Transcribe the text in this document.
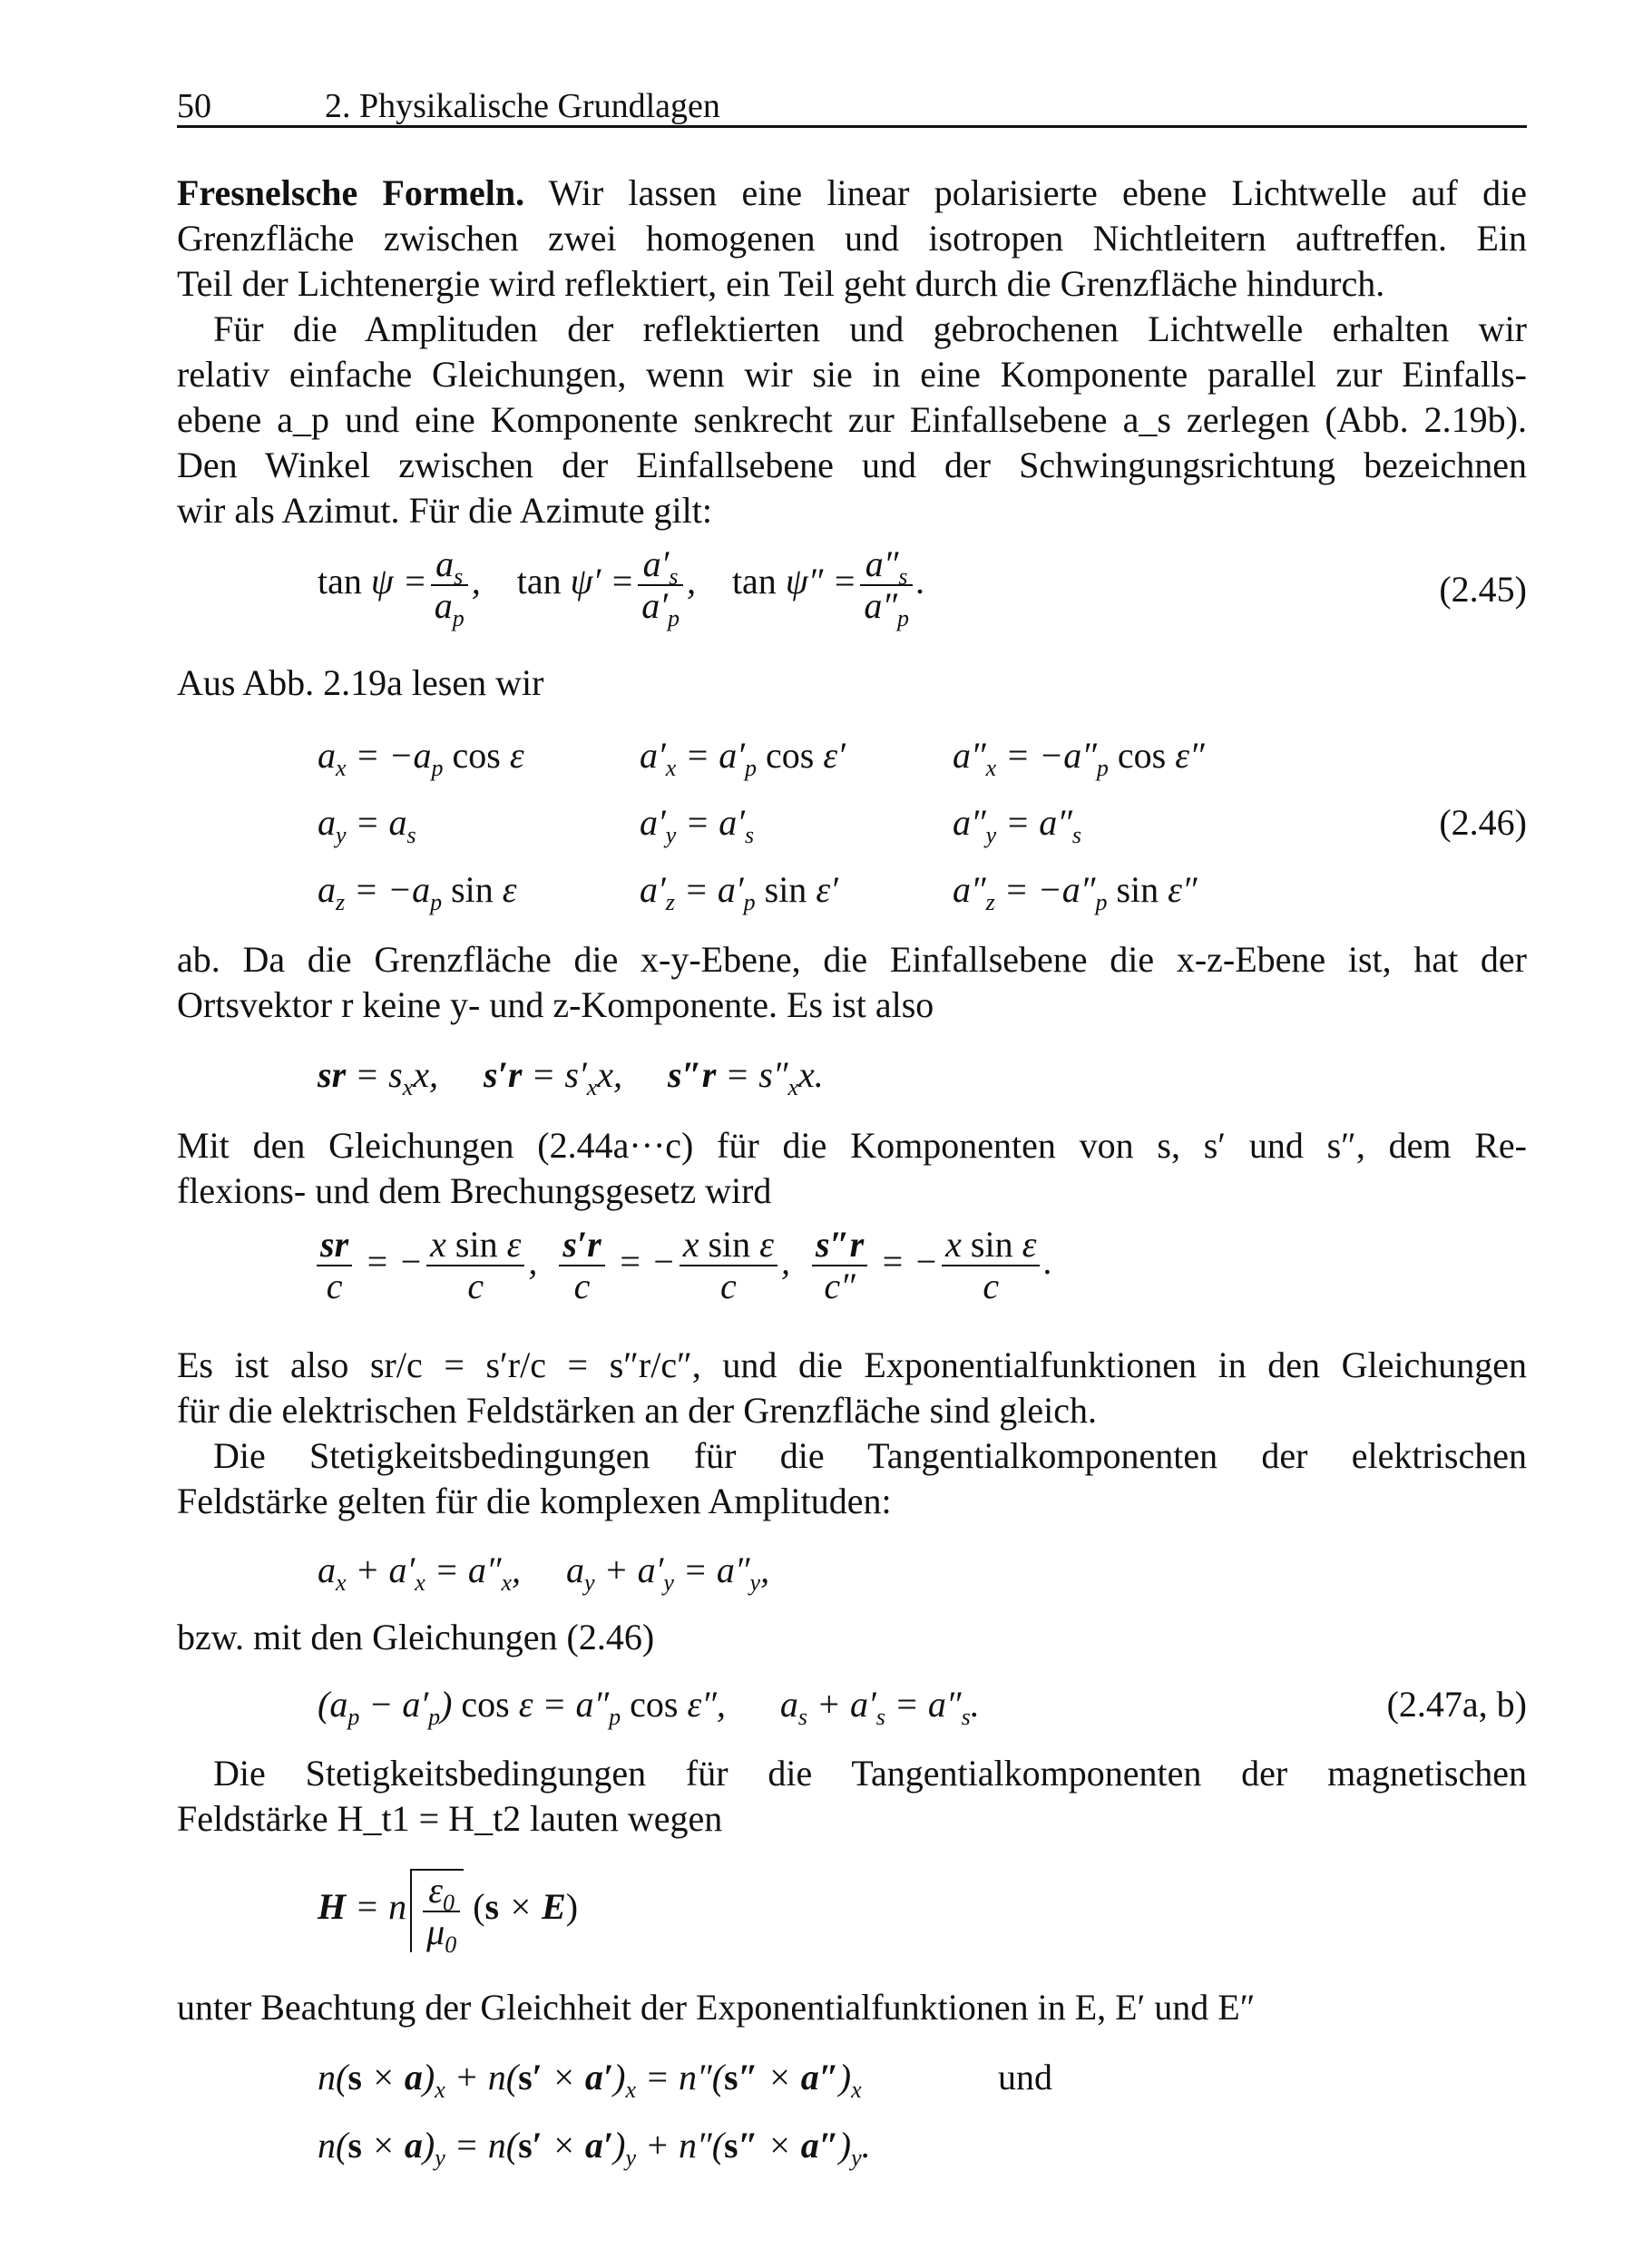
50	2. Physikalische Grundlagen
Fresnelsche Formeln. Wir lassen eine linear polarisierte ebene Lichtwelle auf die
Grenzfläche zwischen zwei homogenen und isotropen Nichtleitern auftreffen. Ein
Teil der Lichtenergie wird reflektiert, ein Teil geht durch die Grenzfläche hindurch.
Für die Amplituden der reflektierten und gebrochenen Lichtwelle erhalten wir
relativ einfache Gleichungen, wenn wir sie in eine Komponente parallel zur Einfalls-
ebene a_p und eine Komponente senkrecht zur Einfallsebene a_s zerlegen (Abb. 2.19b).
Den Winkel zwischen der Einfallsebene und der Schwingungsrichtung bezeichnen
wir als Azimut. Für die Azimute gilt:
$\tan \psi = \frac{a_s}{a_p}$ ,    $\tan \psi' = \frac{a'_s}{a'_p}$ ,    $\tan \psi'' = \frac{a''_s}{a''_p}$ .	(2.45)
Aus Abb. 2.19a lesen wir
$a_x = -a_p$ cos ε	$a'_x = a'_p$ cos ε′	$a''_x = -a''_p$ cos ε″
$a_y = a_s$	$a'_y = a'_s$	$a''_y = a''_s$
$a_z = -a_p$ sin ε	$a'_z = a'_p$ sin ε′	$a''_z = -a''_p$ sin ε″
(2.46)
ab. Da die Grenzfläche die x-y-Ebene, die Einfallsebene die x-z-Ebene ist, hat der
Ortsvektor r keine y- und z-Komponente. Es ist also
sr = $s_xx$,     $s'r = s'_xx$,     $s''r = s''_xx$.
Mit den Gleichungen (2.44a···c) für die Komponenten von s, s′ und s″, dem Re-
flexions- und dem Brechungsgesetz wird
$\frac{sr}{c}$ = − $\frac{\text{x sin ε}}{c}$ , $\frac{s'r}{c}$ = − $\frac{\text{x sin ε}}{c}$ , $\frac{s''r}{c''}$ = − $\frac{\text{x sin ε}}{c}$ .
Es ist also sr/c = s′r/c = s″r/c″, und die Exponentialfunktionen in den Gleichungen
für die elektrischen Feldstärken an der Grenzfläche sind gleich.
Die Stetigkeitsbedingungen für die Tangentialkomponenten der elektrischen
Feldstärke gelten für die komplexen Amplituden:
$a_x + a'_x = a''_x$,     $a_y + a'_y = a''_y$,
bzw. mit den Gleichungen (2.46)
$(a_p - a'_p)$ $\cos \varepsilon = a''_p$ cos ε″,      $a_s + a'_s = a''_s$.	(2.47a, b)
Die Stetigkeitsbedingungen für die Tangentialkomponenten der magnetischen
Feldstärke H_t1 = H_t2 lauten wegen
H = n $\frac{\varepsilon_0}{\mu_0} (s \times E)$
unter Beachtung der Gleichheit der Exponentialfunktionen in E, E′ und E″
$n(s \times a)_x + n(s' \times a')_x = n''(s'' \times a'')_x$	und
$n(s \times a)_y = n(s' \times a')_y + n''(s'' \times a'')_y$.
